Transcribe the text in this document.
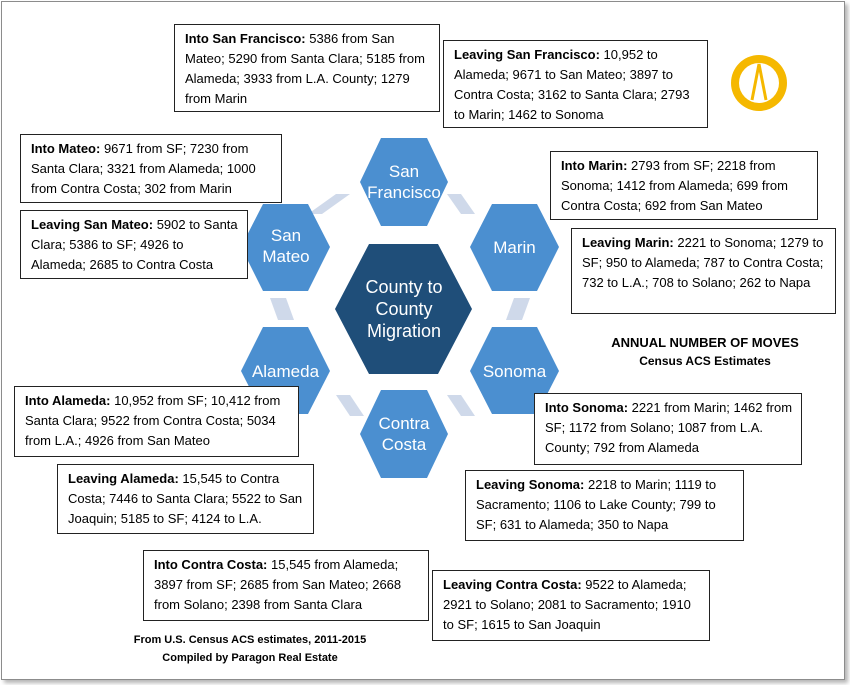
San Francisco
Marin
Sonoma
Contra Costa
Alameda
San Mateo
County to County Migration
Into San Francisco: 5386 from San Mateo; 5290 from Santa Clara; 5185 from Alameda; 3933 from L.A. County; 1279 from Marin
Leaving San Francisco: 10,952 to Alameda; 9671 to San Mateo; 3897 to Contra Costa; 3162 to Santa Clara; 2793 to Marin; 1462 to Sonoma
Into Mateo: 9671 from SF; 7230 from Santa Clara; 3321 from Alameda; 1000 from Contra Costa; 302 from Marin
Leaving San Mateo: 5902 to Santa Clara; 5386 to SF; 4926 to Alameda; 2685 to Contra Costa
Into Marin: 2793 from SF; 2218 from Sonoma; 1412 from Alameda; 699 from Contra Costa; 692 from San Mateo
Leaving Marin: 2221 to Sonoma; 1279 to SF; 950 to Alameda; 787 to Contra Costa; 732 to L.A.; 708 to Solano; 262 to Napa
Into Alameda: 10,952 from SF; 10,412 from Santa Clara; 9522 from Contra Costa; 5034 from L.A.; 4926 from San Mateo
Leaving Alameda: 15,545 to Contra Costa; 7446 to Santa Clara; 5522 to San Joaquin; 5185 to SF; 4124 to L.A.
Into Sonoma: 2221 from Marin; 1462 from SF; 1172 from Solano; 1087 from L.A. County; 792 from Alameda
Leaving Sonoma: 2218 to Marin; 1119 to Sacramento; 1106 to Lake County; 799 to SF; 631 to Alameda; 350 to Napa
Into Contra Costa: 15,545 from Alameda; 3897 from SF; 2685 from San Mateo; 2668 from Solano; 2398 from Santa Clara
Leaving Contra Costa: 9522 to Alameda; 2921 to Solano; 2081 to Sacramento; 1910 to SF; 1615 to San Joaquin
ANNUAL NUMBER OF MOVES
Census ACS Estimates
From U.S. Census ACS estimates, 2011-2015
Compiled by Paragon Real Estate
